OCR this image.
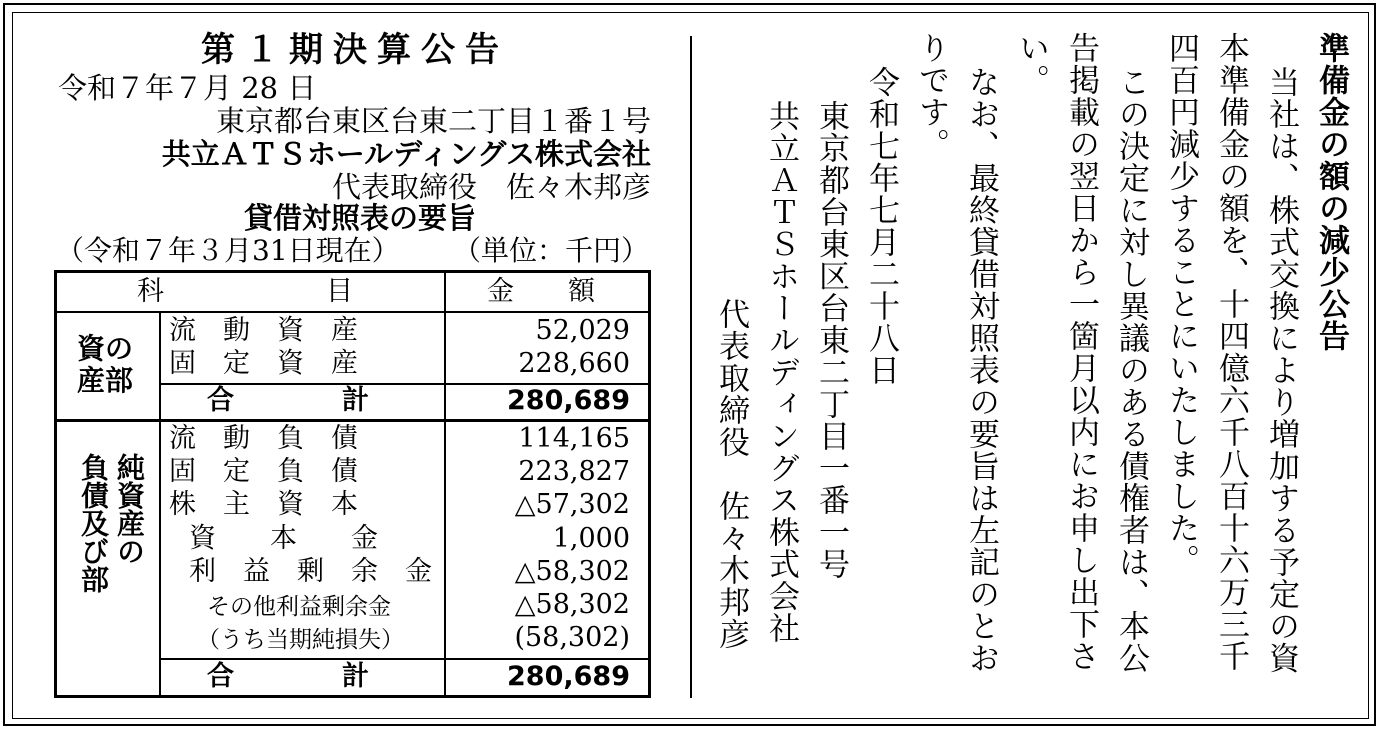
第１期決算公告
令和７年７月 28 日
東京都台東区台東二丁目１番１号
共立ＡＴＳホールディングス株式会社
代表取締役　佐々木邦彦
貸借対照表の要旨
（令和７年３月31日現在） （単位：千円）
科　　　　　　目	金　　額
資の
産部
流　動　資　産	52,029
固　定　資　産	228,660
合　　　　計	280,689
純資産の
負債及び部
流　動　負　債	114,165
固　定　負　債	223,827
株　主　資　本	△57,302
資　　本　　金	1,000
利　益　剰　余　金	△58,302
その他利益剰余金	△58,302
（うち当期純損失）	(58,302)
合　　　　計	280,689
準備金の額の減少公告
当社は、株式交換により増加する予定の資
本準備金の額を、十四億六千八百十六万三千
四百円減少することにいたしました。
この決定に対し異議のある債権者は、本公
告掲載の翌日から一箇月以内にお申し出下さ
い。
なお、最終貸借対照表の要旨は左記のとお
りです。
令和七年七月二十八日
東京都台東区台東二丁目一番一号
共立ＡＴＳホールディングス株式会社
代表取締役　佐々木邦彦
